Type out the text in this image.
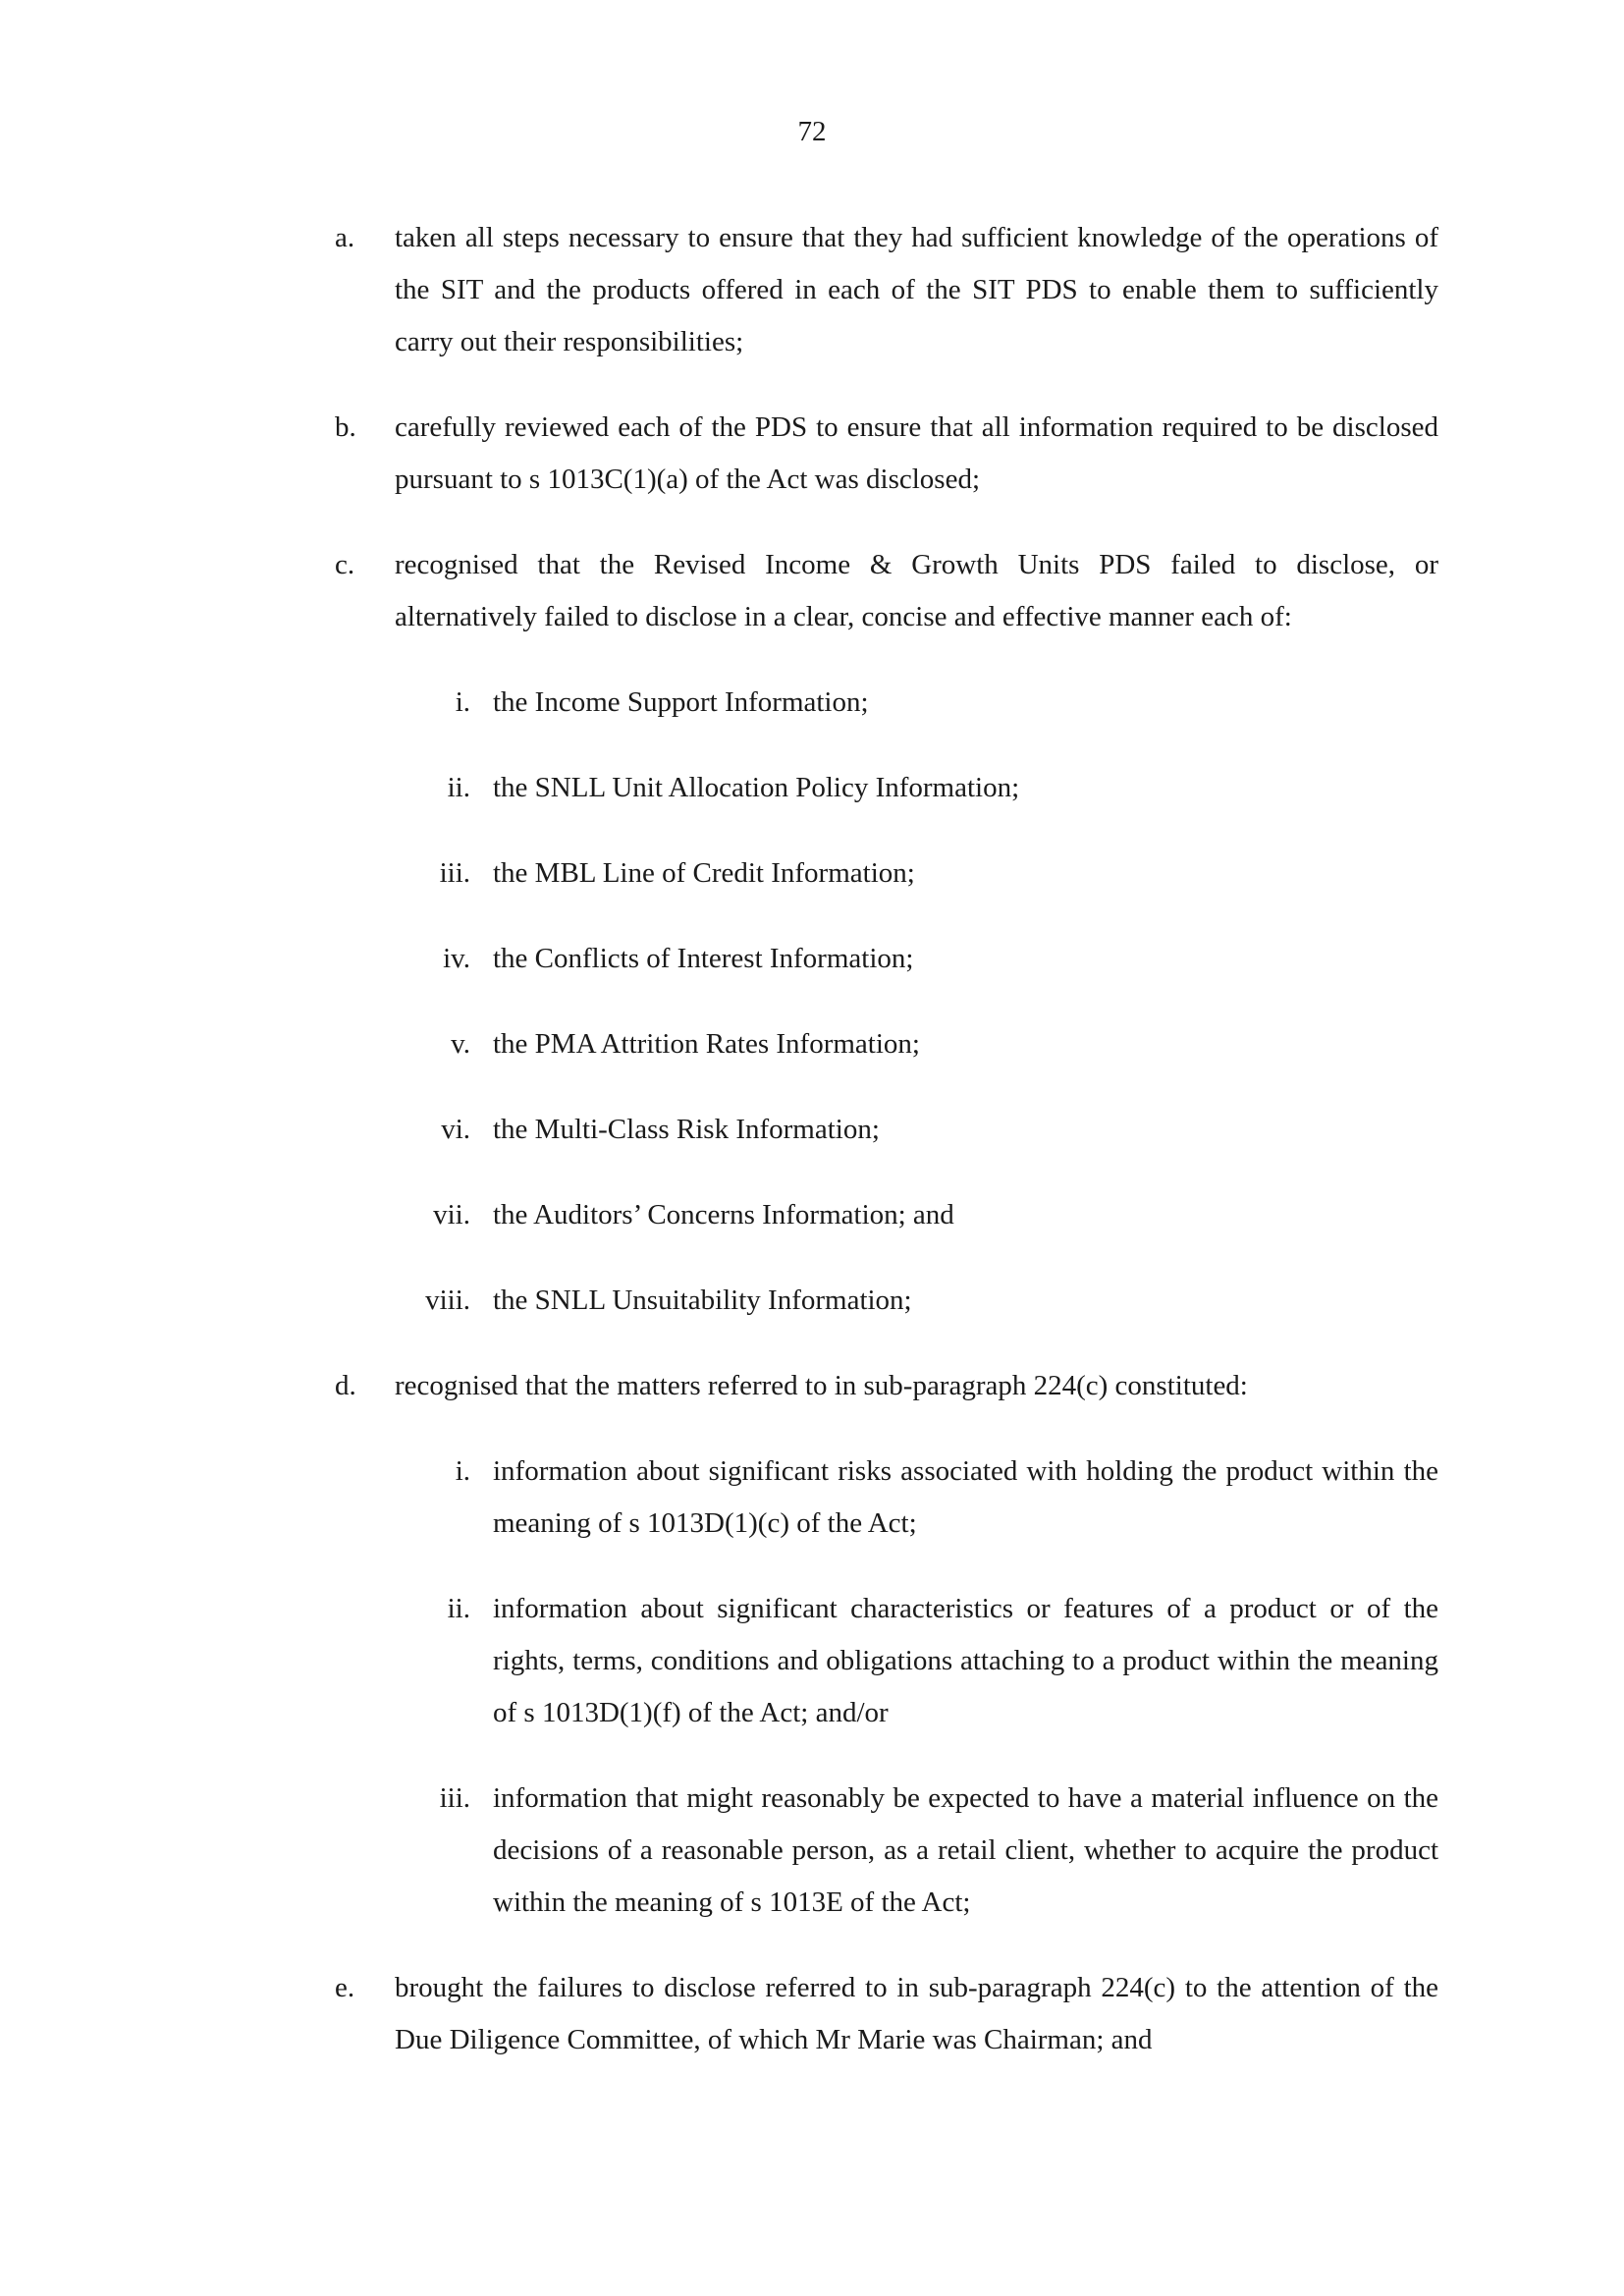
72
a.	taken all steps necessary to ensure that they had sufficient knowledge of the operations of the SIT and the products offered in each of the SIT PDS to enable them to sufficiently carry out their responsibilities;
b.	carefully reviewed each of the PDS to ensure that all information required to be disclosed pursuant to s 1013C(1)(a) of the Act was disclosed;
c.	recognised that the Revised Income & Growth Units PDS failed to disclose, or alternatively failed to disclose in a clear, concise and effective manner each of:
i. the Income Support Information;
ii. the SNLL Unit Allocation Policy Information;
iii. the MBL Line of Credit Information;
iv. the Conflicts of Interest Information;
v. the PMA Attrition Rates Information;
vi. the Multi-Class Risk Information;
vii. the Auditors’ Concerns Information; and
viii. the SNLL Unsuitability Information;
d.	recognised that the matters referred to in sub-paragraph 224(c) constituted:
i. information about significant risks associated with holding the product within the meaning of s 1013D(1)(c) of the Act;
ii. information about significant characteristics or features of a product or of the rights, terms, conditions and obligations attaching to a product within the meaning of s 1013D(1)(f) of the Act; and/or
iii. information that might reasonably be expected to have a material influence on the decisions of a reasonable person, as a retail client, whether to acquire the product within the meaning of s 1013E of the Act;
e.	brought the failures to disclose referred to in sub-paragraph 224(c) to the attention of the Due Diligence Committee, of which Mr Marie was Chairman; and
